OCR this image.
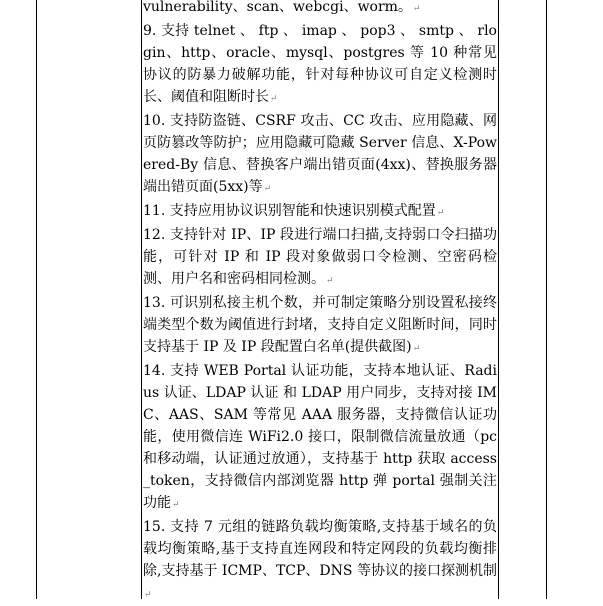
vulnerability、scan、webcgi、worm。↵

9. 支持 telnet 、 ftp 、 imap 、 pop3 、 smtp 、 rlogin、http、oracle、mysql、postgres 等 10 种常见协议的防暴力破解功能，针对每种协议可自定义检测时长、阈值和阻断时长↵

10. 支持防盗链、CSRF 攻击、CC 攻击、应用隐藏、网页防篡改等防护；应用隐藏可隐藏 Server 信息、X-Powered-By 信息、替换客户端出错页面(4xx)、替换服务器端出错页面(5xx)等↵

11. 支持应用协议识别智能和快速识别模式配置↵

12. 支持针对 IP、IP 段进行端口扫描,支持弱口令扫描功能，可针对 IP 和 IP 段对象做弱口令检测、空密码检测、用户名和密码相同检测。↵

13. 可识别私接主机个数，并可制定策略分别设置私接终端类型个数为阈值进行封堵，支持自定义阻断时间，同时支持基于 IP 及 IP 段配置白名单(提供截图)↵

14. 支持 WEB Portal 认证功能，支持本地认证、Radius 认证、LDAP 认证 和 LDAP 用户同步，支持对接 IMC、AAS、SAM 等常见 AAA 服务器，支持微信认证功能，使用微信连 WiFi2.0 接口，限制微信流量放通（pc 和移动端，认证通过放通），支持基于 http 获取 access_token，支持微信内部浏览器 http 弹 portal 强制关注功能↵

15. 支持 7 元组的链路负载均衡策略,支持基于域名的负载均衡策略,基于支持直连网段和特定网段的负载均衡排除,支持基于 ICMP、TCP、DNS 等协议的接口探测机制↵
